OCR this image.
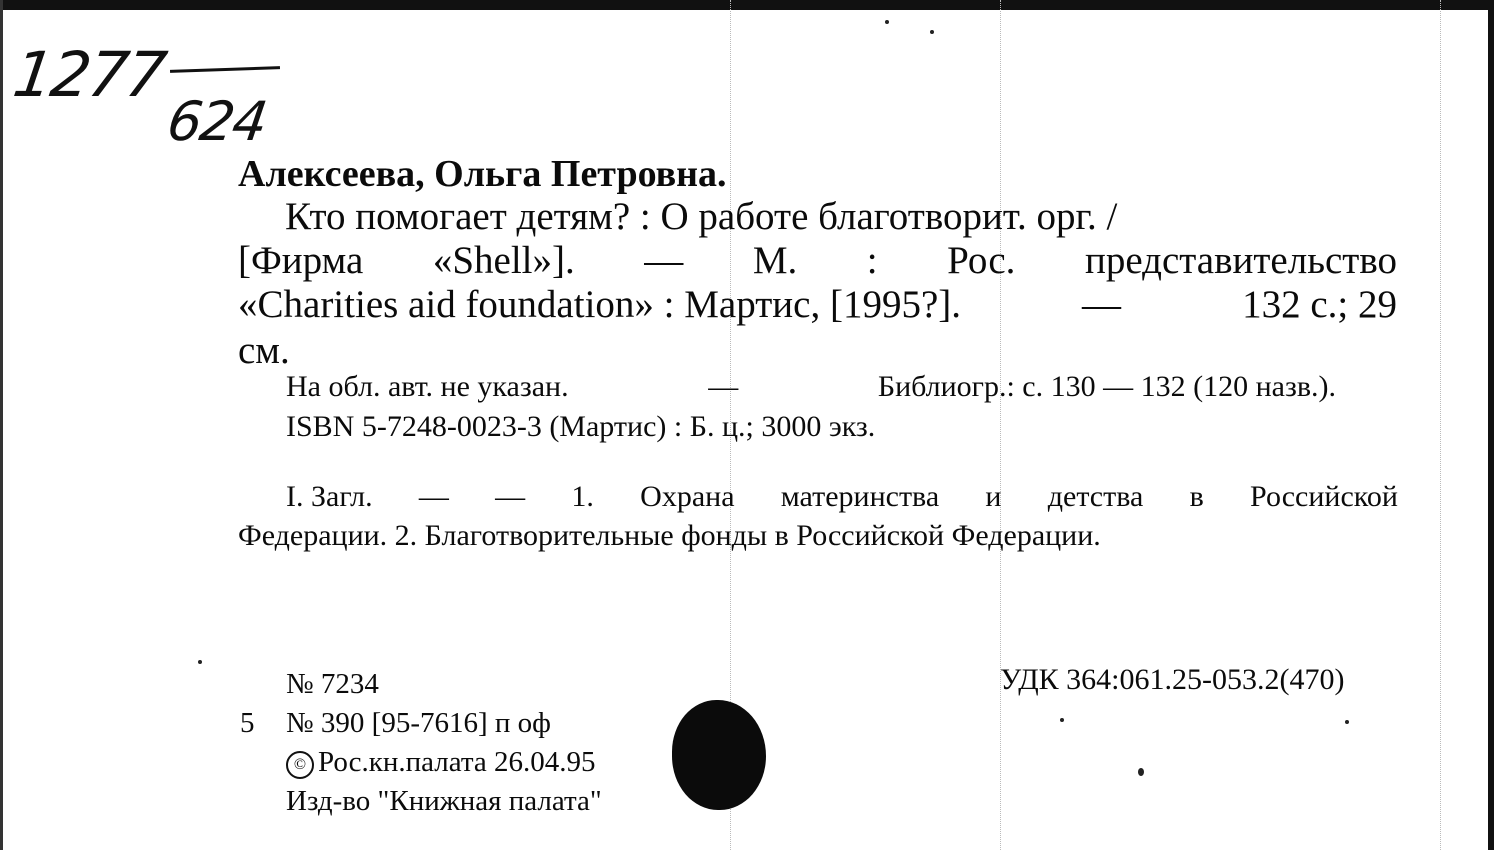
1277
624
Алексеева, Ольга Петровна.
Кто помогает детям? : О работе благотворит. орг. /
[Фирма «Shell»]. — М. : Рос. представительство
«Charities aid foundation» : Мартис, [1995?].	—	132 с.; 29
см.
На обл. авт. не указан.	—	Библиогр.: с. 130 — 132 (120 назв.).
ISBN 5-7248-0023-3 (Мартис) : Б. ц.; 3000 экз.
I. Загл. — — 1. Охрана материнства и детства в Российской
Федерации. 2. Благотворительные фонды в Российской Федерации.
№ 7234
5 № 390 [95-7616] п оф
© Рос.кн.палата 26.04.95
Изд-во "Книжная палата"
УДК 364:061.25-053.2(470)
